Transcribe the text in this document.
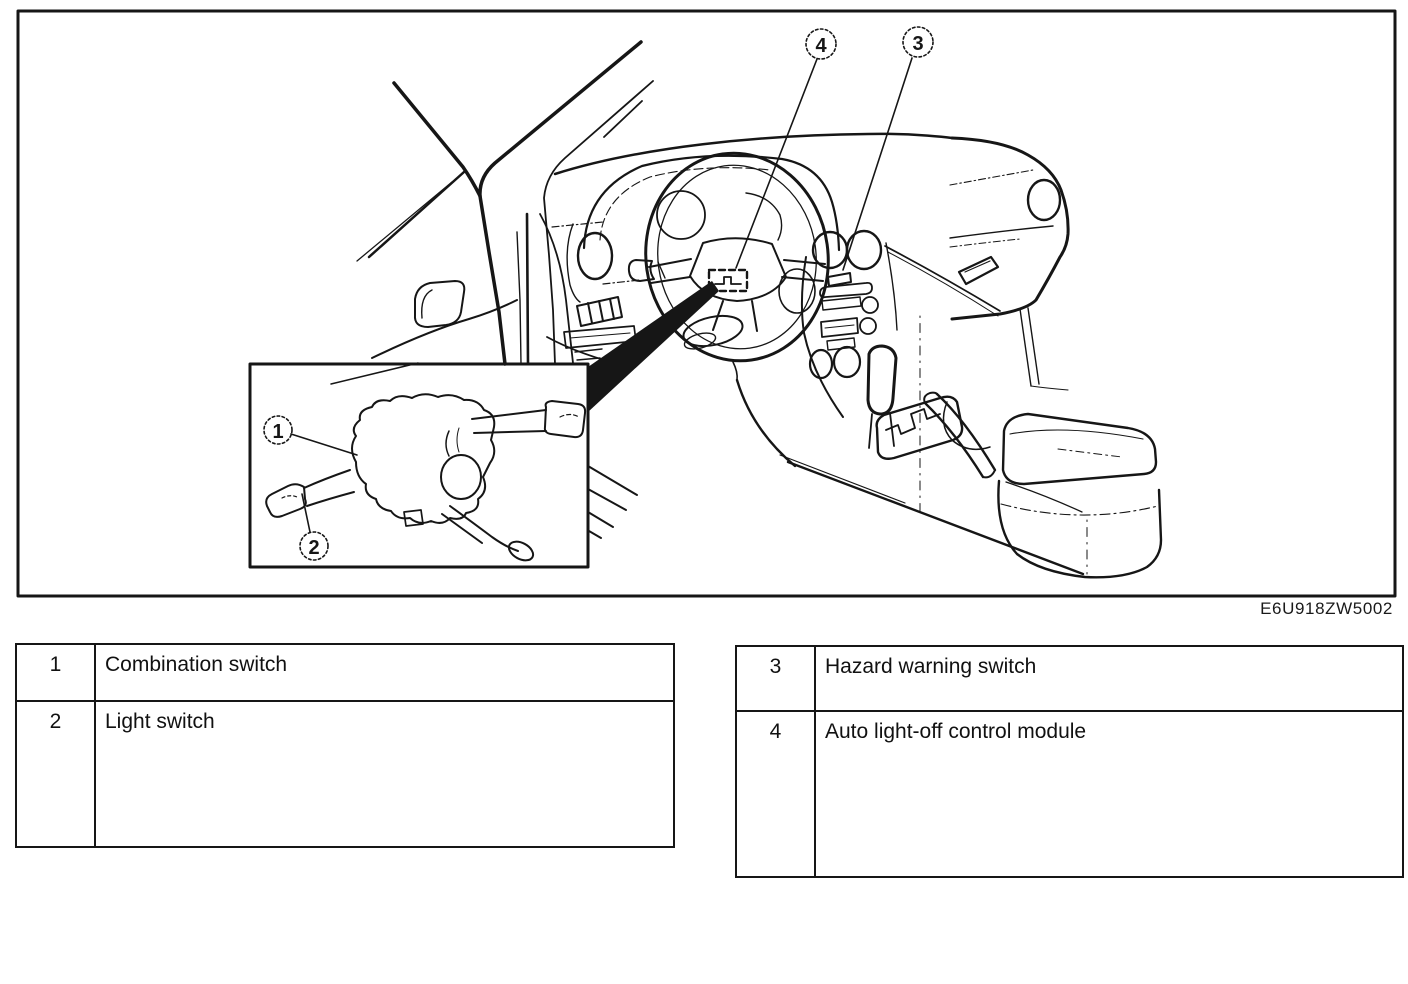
4	3
1
2
E6U918ZW5002
1	Combination switch
2	Light switch
3	Hazard warning switch
4	Auto light-off control module
